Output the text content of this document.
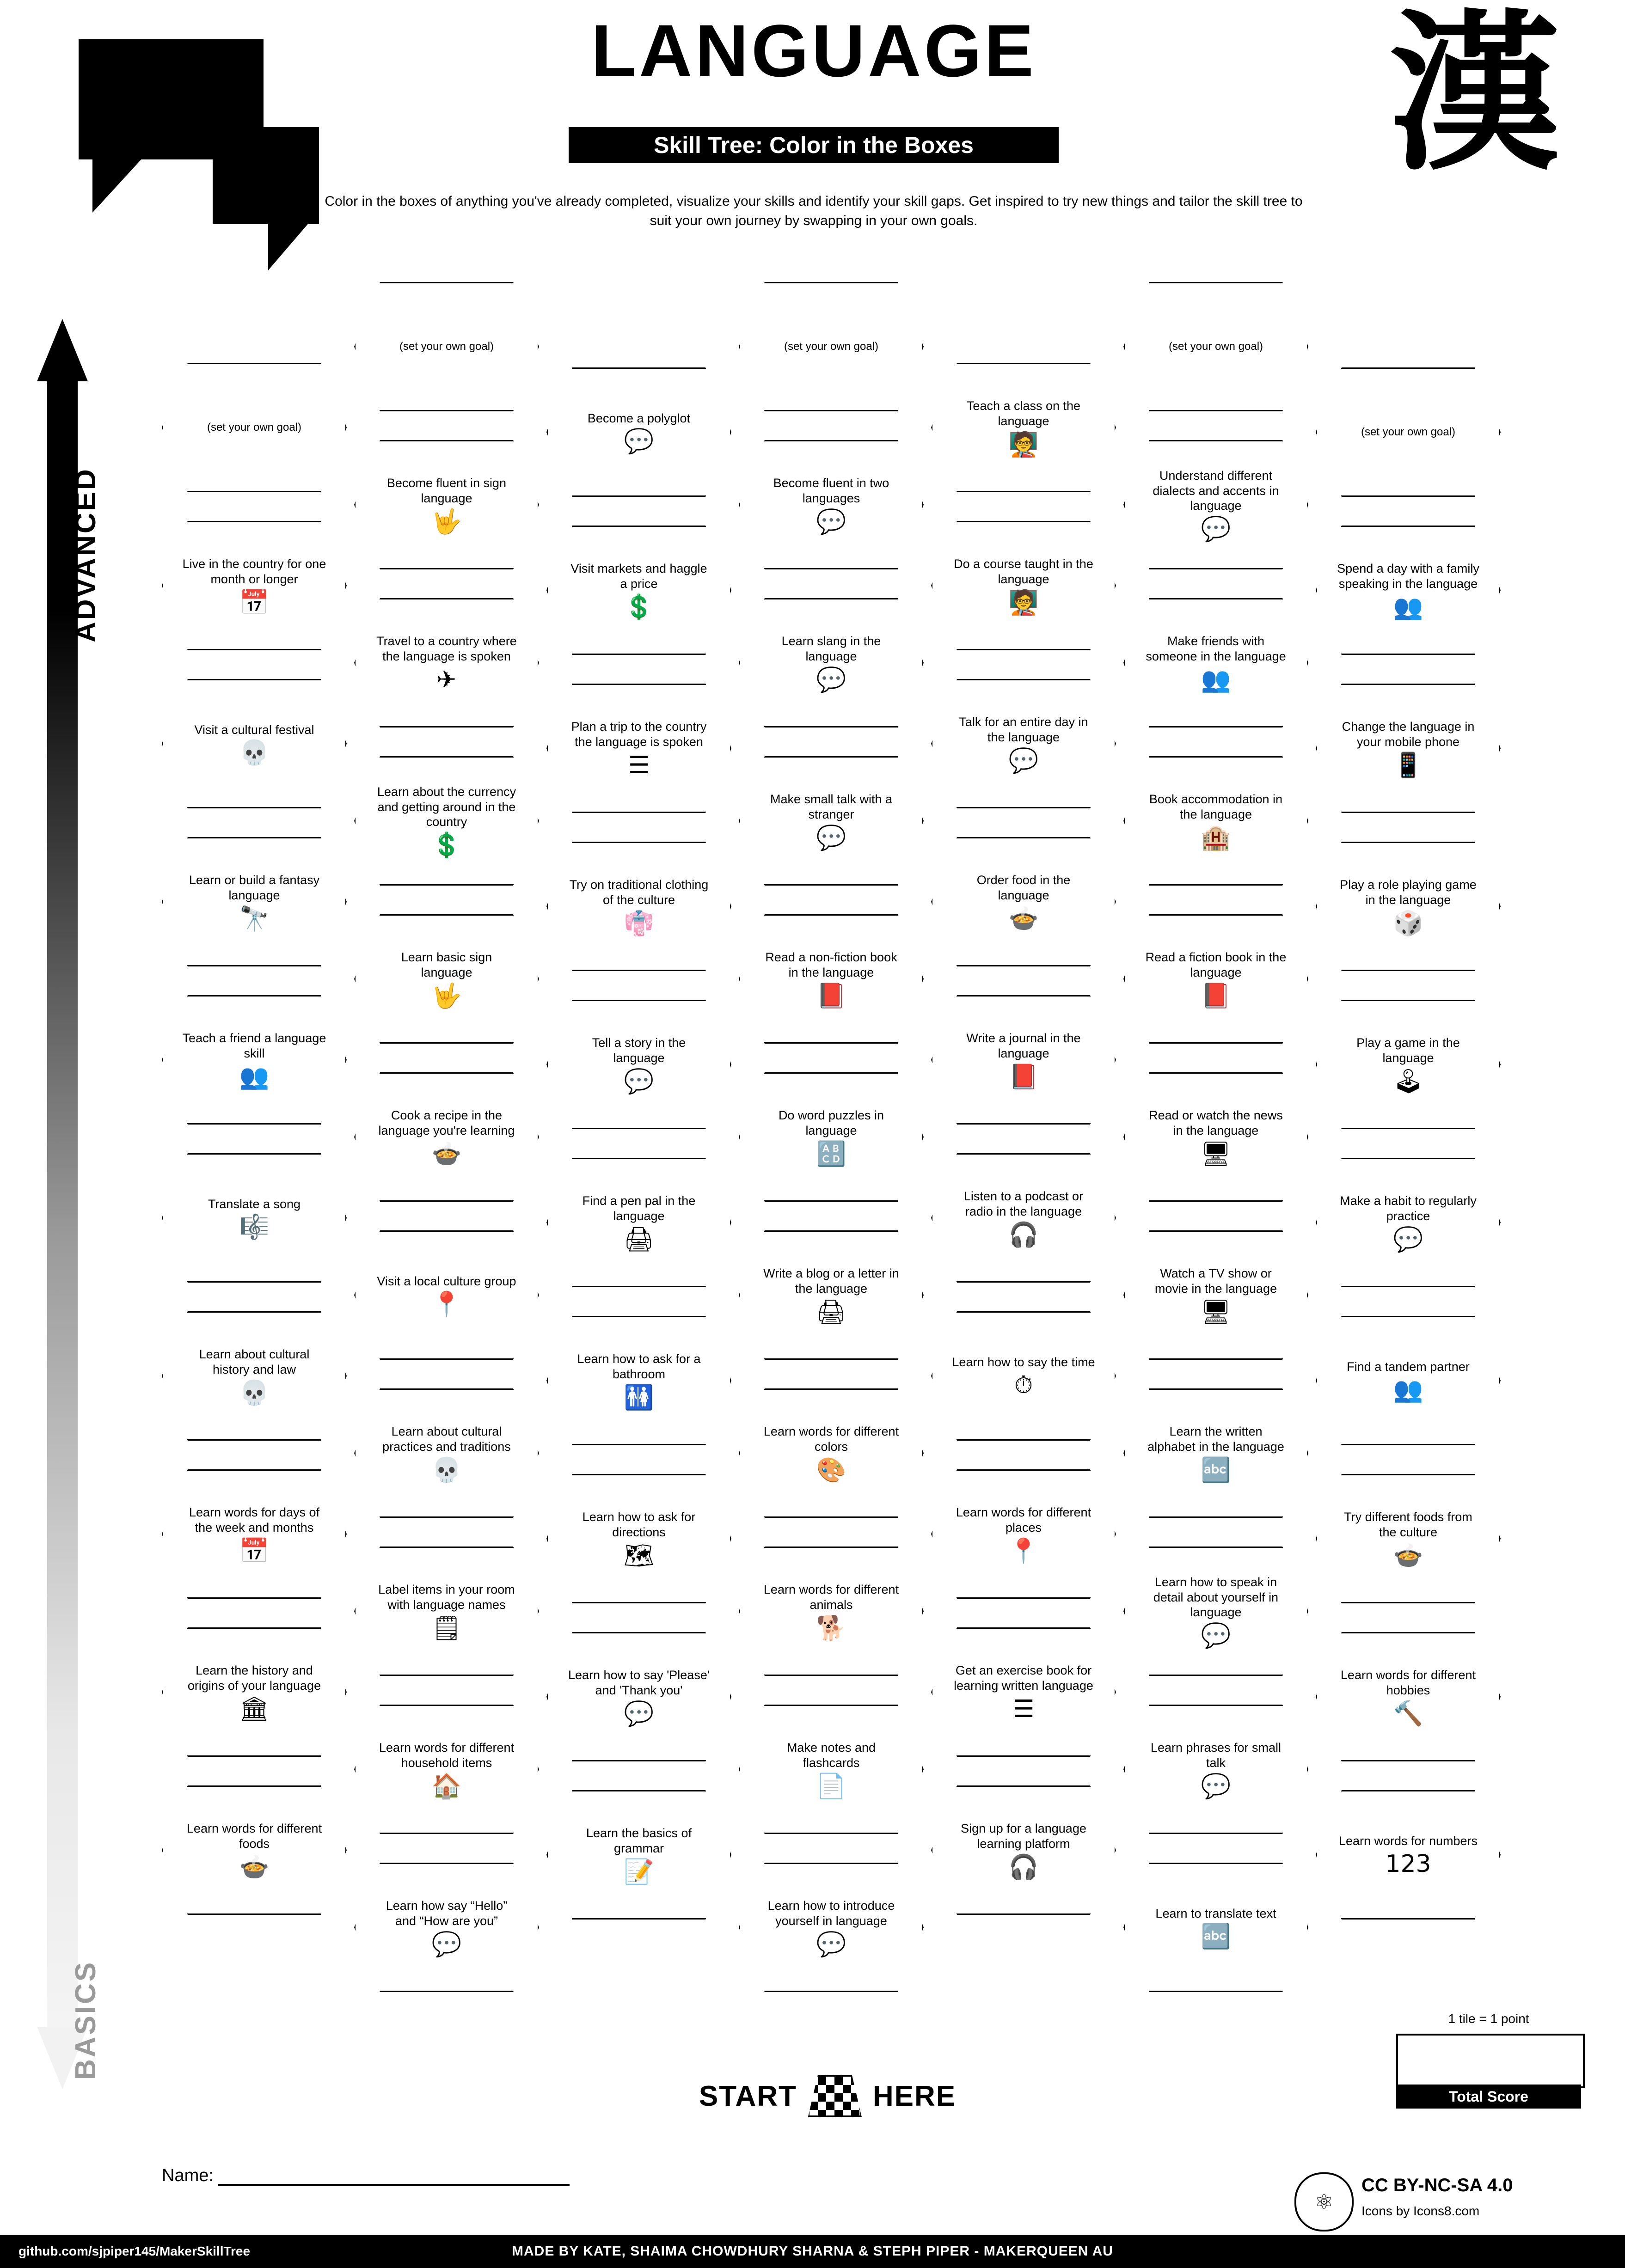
LANGUAGE
Skill Tree: Color in the Boxes
Color in the boxes of anything you've already completed, visualize your skills and identify your skill gaps. Get inspired to try new things and tailor the skill tree to suit your own journey by swapping in your own goals.
漢
ADVANCED
BASICS
(set your own goal)
Live in the country for one month or longer
📅
Visit a cultural festival
💀
Learn or build a fantasy language
🔭
Teach a friend a language skill
👥
Translate a song
🎼
Learn about cultural history and law
💀
Learn words for days of the week and months
📅
Learn the history and origins of your language
🏛
Learn words for different foods
🍲
(set your own goal)
Become fluent in sign language
🤟
Travel to a country where the language is spoken
✈
Learn about the currency and getting around in the country
💲
Learn basic sign language
🤟
Cook a recipe in the language you're learning
🍲
Visit a local culture group
📍
Learn about cultural practices and traditions
💀
Label items in your room with language names
🗒
Learn words for different household items
🏠
Learn how say “Hello” and “How are you”
💬
Become a polyglot
💬
Visit markets and haggle a price
💲
Plan a trip to the country the language is spoken
☰
Try on traditional clothing of the culture
👘
Tell a story in the language
💬
Find a pen pal in the language
🖨
Learn how to ask for a bathroom
🚻
Learn how to ask for directions
🗺
Learn how to say 'Please' and 'Thank you'
💬
Learn the basics of grammar
📝
(set your own goal)
Become fluent in two languages
💬
Learn slang in the language
💬
Make small talk with a stranger
💬
Read a non-fiction book in the language
📕
Do word puzzles in language
🔠
Write a blog or a letter in the language
🖨
Learn words for different colors
🎨
Learn words for different animals
🐕
Make notes and flashcards
📄
Learn how to introduce yourself in language
💬
Teach a class on the language
🧑‍🏫
Do a course taught in the language
🧑‍🏫
Talk for an entire day in the language
💬
Order food in the language
🍲
Write a journal in the language
📕
Listen to a podcast or radio in the language
🎧
Learn how to say the time
⏱
Learn words for different places
📍
Get an exercise book for learning written language
☰
Sign up for a language learning platform
🎧
(set your own goal)
Understand different dialects and accents in language
💬
Make friends with someone in the language
👥
Book accommodation in the language
🏨
Read a fiction book in the language
📕
Read or watch the news in the language
🖥
Watch a TV show or movie in the language
🖥
Learn the written alphabet in the language
🔤
Learn how to speak in detail about yourself in language
💬
Learn phrases for small talk
💬
Learn to translate text
🔤
(set your own goal)
Spend a day with a family speaking in the language
👥
Change the language in your mobile phone
📱
Play a role playing game in the language
🎲
Play a game in the language
🕹
Make a habit to regularly practice
💬
Find a tandem partner
👥
Try different foods from the culture
🍲
Learn words for different hobbies
🔨
Learn words for numbers
123
START	HERE
Name:
1 tile = 1 point
Total Score
⚛
CC BY-NC-SA 4.0
Icons by Icons8.com
github.com/sjpiper145/MakerSkillTree	MADE BY KATE, SHAIMA CHOWDHURY SHARNA & STEPH PIPER - MAKERQUEEN AU
